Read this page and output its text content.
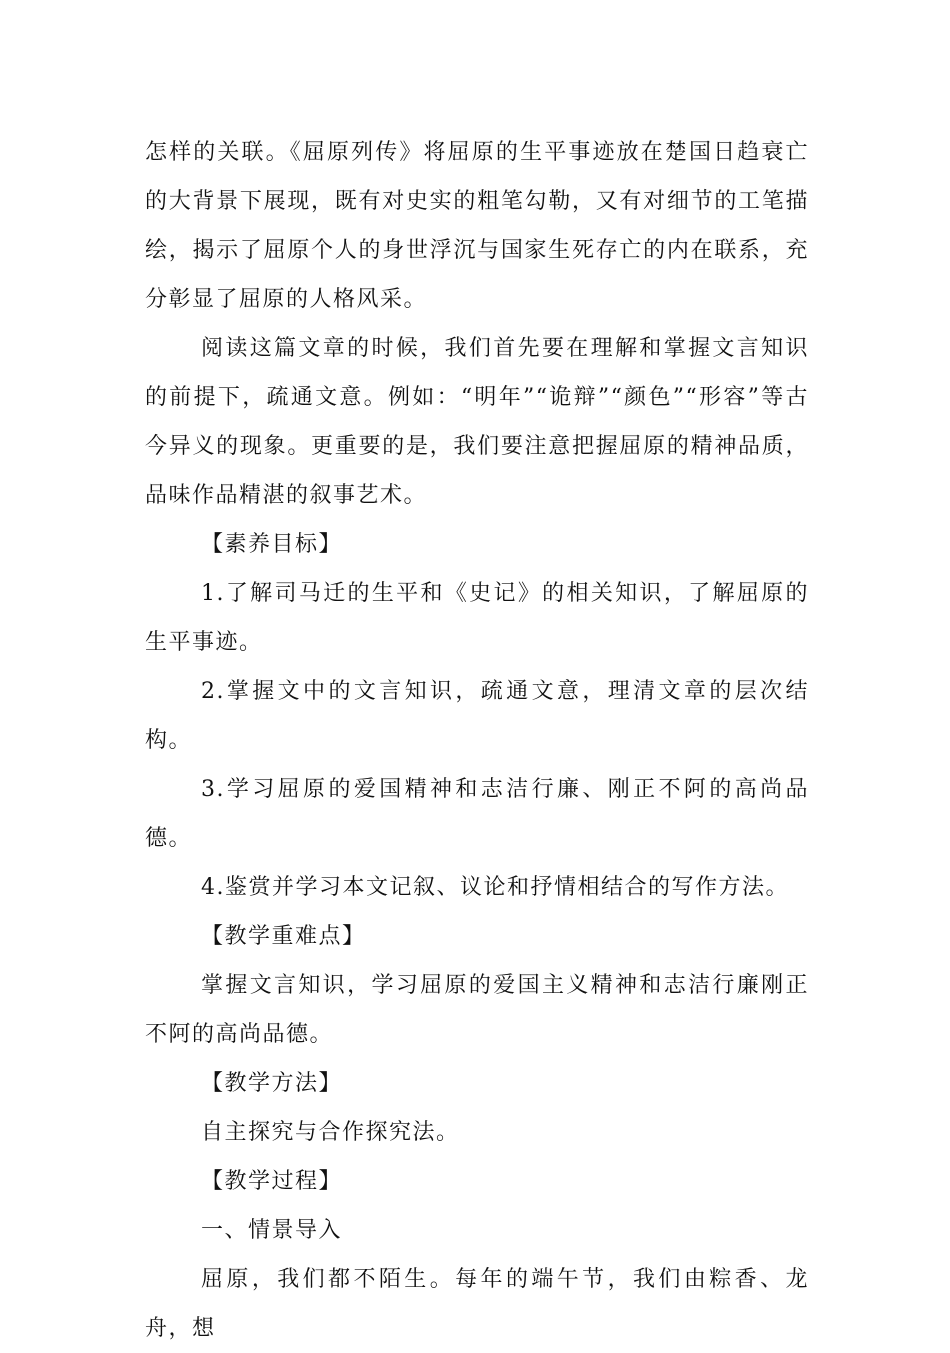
怎样的关联。《屈原列传》将屈原的生平事迹放在楚国日趋衰亡的大背景下展现，既有对史实的粗笔勾勒，又有对细节的工笔描绘，揭示了屈原个人的身世浮沉与国家生死存亡的内在联系，充分彰显了屈原的人格风采。

阅读这篇文章的时候，我们首先要在理解和掌握文言知识的前提下，疏通文意。例如：“明年”“诡辩”“颜色”“形容”等古今异义的现象。更重要的是，我们要注意把握屈原的精神品质，品味作品精湛的叙事艺术。

【素养目标】

1.了解司马迁的生平和《史记》的相关知识，了解屈原的生平事迹。

2.掌握文中的文言知识，疏通文意，理清文章的层次结构。

3.学习屈原的爱国精神和志洁行廉、刚正不阿的高尚品德。

4.鉴赏并学习本文记叙、议论和抒情相结合的写作方法。

【教学重难点】

掌握文言知识，学习屈原的爱国主义精神和志洁行廉刚正不阿的高尚品德。

【教学方法】

自主探究与合作探究法。

【教学过程】

一、情景导入

屈原，我们都不陌生。每年的端午节，我们由粽香、龙舟，想
